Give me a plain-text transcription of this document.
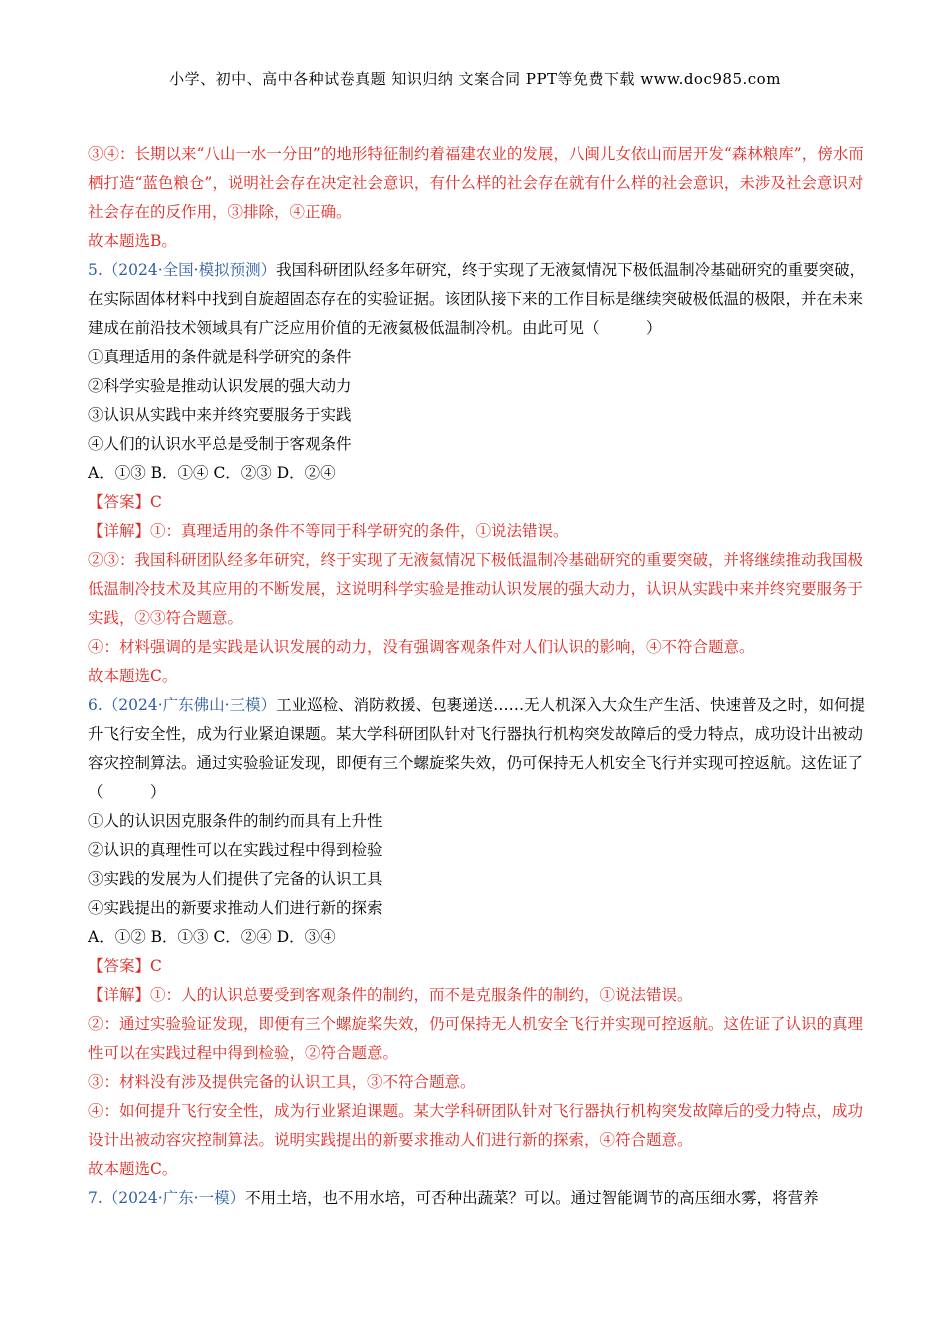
小学、初中、高中各种试卷真题 知识归纳 文案合同 PPT等免费下载 www.doc985.com

③④：长期以来“八山一水一分田”的地形特征制约着福建农业的发展，八闽儿女依山而居开发“森林粮库”，傍水而栖打造“蓝色粮仓”，说明社会存在决定社会意识，有什么样的社会存在就有什么样的社会意识，未涉及社会意识对社会存在的反作用，③排除，④正确。

故本题选B。

5.（2024·全国·模拟预测）我国科研团队经多年研究，终于实现了无液氦情况下极低温制冷基础研究的重要突破，在实际固体材料中找到自旋超固态存在的实验证据。该团队接下来的工作目标是继续突破极低温的极限，并在未来建成在前沿技术领域具有广泛应用价值的无液氦极低温制冷机。由此可见（　　　）

①真理适用的条件就是科学研究的条件

②科学实验是推动认识发展的强大动力

③认识从实践中来并终究要服务于实践

④人们的认识水平总是受制于客观条件

A．①③ B．①④ C．②③ D．②④

【答案】C

【详解】①：真理适用的条件不等同于科学研究的条件，①说法错误。

②③：我国科研团队经多年研究，终于实现了无液氦情况下极低温制冷基础研究的重要突破，并将继续推动我国极低温制冷技术及其应用的不断发展，这说明科学实验是推动认识发展的强大动力，认识从实践中来并终究要服务于实践，②③符合题意。

④：材料强调的是实践是认识发展的动力，没有强调客观条件对人们认识的影响，④不符合题意。

故本题选C。

6.（2024·广东佛山·三模）工业巡检、消防救援、包裹递送……无人机深入大众生产生活、快速普及之时，如何提升飞行安全性，成为行业紧迫课题。某大学科研团队针对飞行器执行机构突发故障后的受力特点，成功设计出被动容灾控制算法。通过实验验证发现，即便有三个螺旋桨失效，仍可保持无人机安全飞行并实现可控返航。这佐证了（　　　）

①人的认识因克服条件的制约而具有上升性

②认识的真理性可以在实践过程中得到检验

③实践的发展为人们提供了完备的认识工具

④实践提出的新要求推动人们进行新的探索

A．①② B．①③ C．②④ D．③④

【答案】C

【详解】①：人的认识总要受到客观条件的制约，而不是克服条件的制约，①说法错误。

②：通过实验验证发现，即便有三个螺旋桨失效，仍可保持无人机安全飞行并实现可控返航。这佐证了认识的真理性可以在实践过程中得到检验，②符合题意。

③：材料没有涉及提供完备的认识工具，③不符合题意。

④：如何提升飞行安全性，成为行业紧迫课题。某大学科研团队针对飞行器执行机构突发故障后的受力特点，成功设计出被动容灾控制算法。说明实践提出的新要求推动人们进行新的探索，④符合题意。

故本题选C。

7.（2024·广东·一模）不用土培，也不用水培，可否种出蔬菜？可以。通过智能调节的高压细水雾，将营养
